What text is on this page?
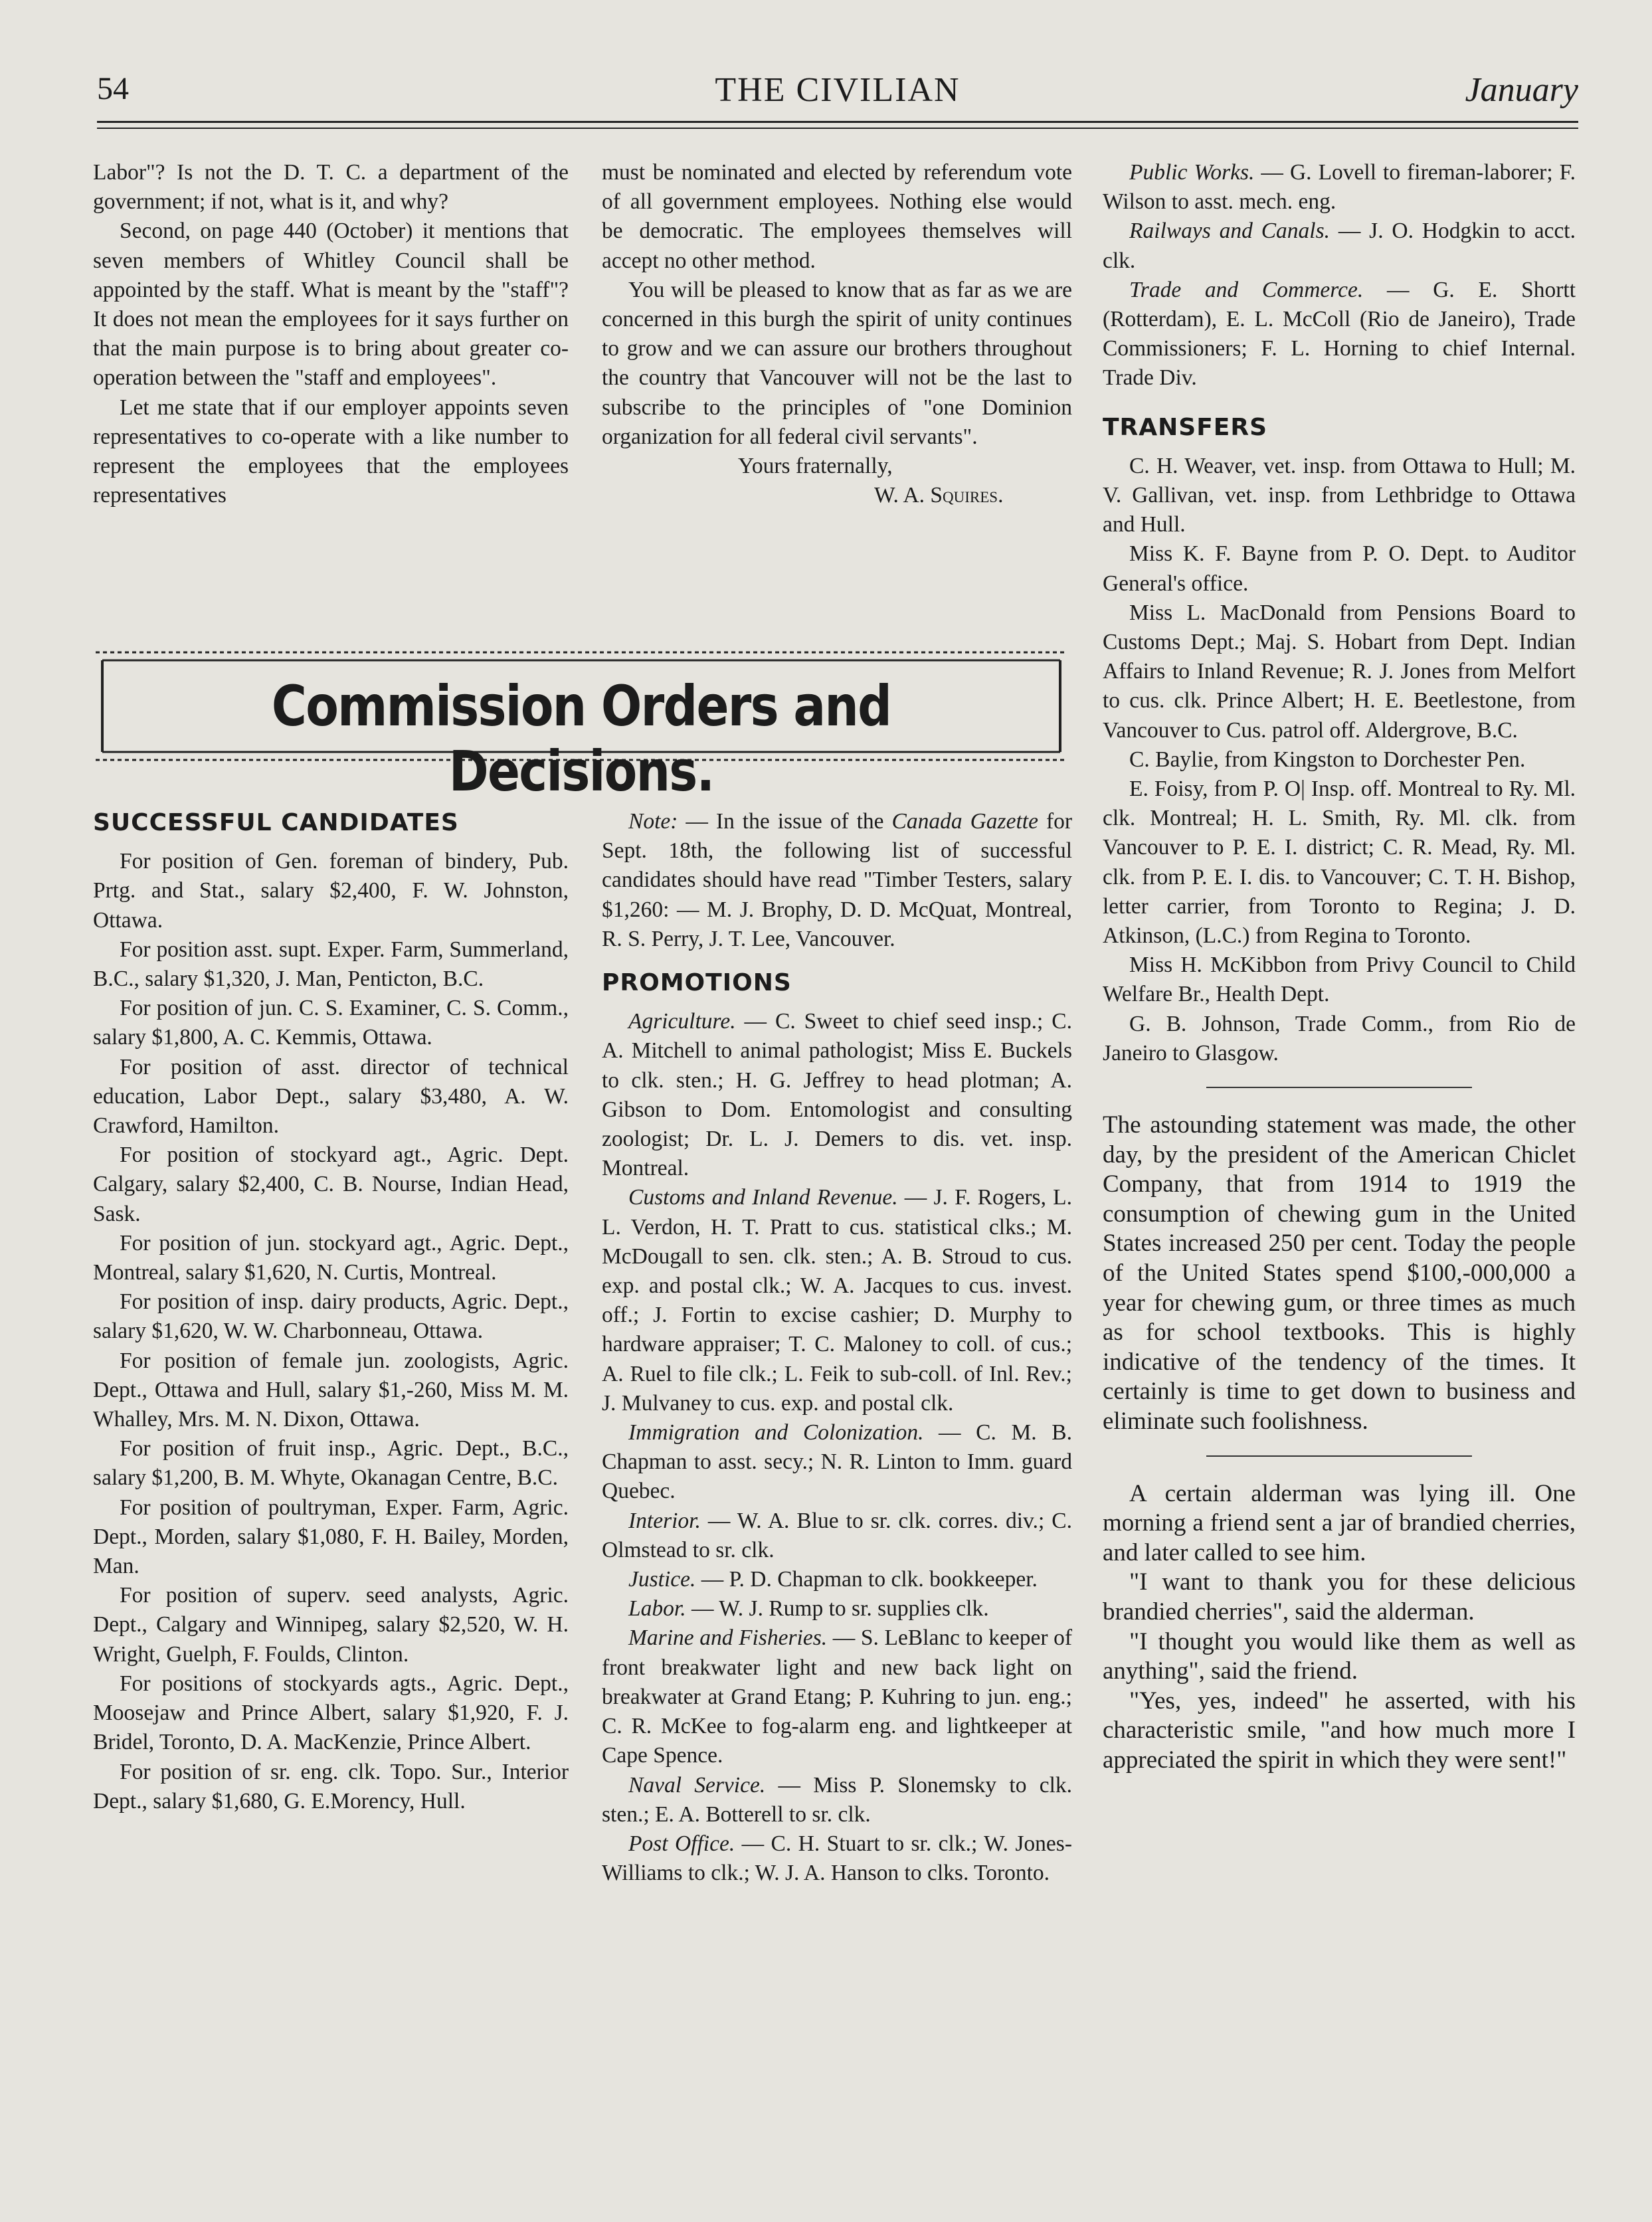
54	THE CIVILIAN	January

Labor"? Is not the D. T. C. a department of the government; if not, what is it, and why?

Second, on page 440 (October) it mentions that seven members of Whitley Council shall be appointed by the staff. What is meant by the "staff"? It does not mean the employees for it says further on that the main purpose is to bring about greater co-operation between the "staff and employees".

Let me state that if our employer appoints seven representatives to co-operate with a like number to represent the employees that the employees representatives

must be nominated and elected by referendum vote of all government employees. Nothing else would be democratic. The employees themselves will accept no other method.

You will be pleased to know that as far as we are concerned in this burgh the spirit of unity continues to grow and we can assure our brothers throughout the country that Vancouver will not be the last to subscribe to the principles of "one Dominion organization for all federal civil servants".

Yours fraternally,

W. A. Squires.

Commission Orders and Decisions.

SUCCESSFUL CANDIDATES

For position of Gen. foreman of bindery, Pub. Prtg. and Stat., salary $2,400, F. W. Johnston, Ottawa.

For position asst. supt. Exper. Farm, Summerland, B.C., salary $1,320, J. Man, Penticton, B.C.

For position of jun. C. S. Examiner, C. S. Comm., salary $1,800, A. C. Kemmis, Ottawa.

For position of asst. director of technical education, Labor Dept., salary $3,480, A. W. Crawford, Hamilton.

For position of stockyard agt., Agric. Dept. Calgary, salary $2,400, C. B. Nourse, Indian Head, Sask.

For position of jun. stockyard agt., Agric. Dept., Montreal, salary $1,620, N. Curtis, Montreal.

For position of insp. dairy products, Agric. Dept., salary $1,620, W. W. Charbonneau, Ottawa.

For position of female jun. zoologists, Agric. Dept., Ottawa and Hull, salary $1,-260, Miss M. M. Whalley, Mrs. M. N. Dixon, Ottawa.

For position of fruit insp., Agric. Dept., B.C., salary $1,200, B. M. Whyte, Okanagan Centre, B.C.

For position of poultryman, Exper. Farm, Agric. Dept., Morden, salary $1,080, F. H. Bailey, Morden, Man.

For position of superv. seed analysts, Agric. Dept., Calgary and Winnipeg, salary $2,520, W. H. Wright, Guelph, F. Foulds, Clinton.

For positions of stockyards agts., Agric. Dept., Moosejaw and Prince Albert, salary $1,920, F. J. Bridel, Toronto, D. A. MacKenzie, Prince Albert.

For position of sr. eng. clk. Topo. Sur., Interior Dept., salary $1,680, G. E.Morency, Hull.

Note: — In the issue of the Canada Gazette for Sept. 18th, the following list of successful candidates should have read "Timber Testers, salary $1,260: — M. J. Brophy, D. D. McQuat, Montreal, R. S. Perry, J. T. Lee, Vancouver.

PROMOTIONS

Agriculture. — C. Sweet to chief seed insp.; C. A. Mitchell to animal pathologist; Miss E. Buckels to clk. sten.; H. G. Jeffrey to head plotman; A. Gibson to Dom. Entomologist and consulting zoologist; Dr. L. J. Demers to dis. vet. insp. Montreal.

Customs and Inland Revenue. — J. F. Rogers, L. L. Verdon, H. T. Pratt to cus. statistical clks.; M. McDougall to sen. clk. sten.; A. B. Stroud to cus. exp. and postal clk.; W. A. Jacques to cus. invest. off.; J. Fortin to excise cashier; D. Murphy to hardware appraiser; T. C. Maloney to coll. of cus.; A. Ruel to file clk.; L. Feik to sub-coll. of Inl. Rev.; J. Mulvaney to cus. exp. and postal clk.

Immigration and Colonization. — C. M. B. Chapman to asst. secy.; N. R. Linton to Imm. guard Quebec.

Interior. — W. A. Blue to sr. clk. corres. div.; C. Olmstead to sr. clk.

Justice. — P. D. Chapman to clk. bookkeeper.

Labor. — W. J. Rump to sr. supplies clk.

Marine and Fisheries. — S. LeBlanc to keeper of front breakwater light and new back light on breakwater at Grand Etang; P. Kuhring to jun. eng.; C. R. McKee to fog-alarm eng. and lightkeeper at Cape Spence.

Naval Service. — Miss P. Slonemsky to clk. sten.; E. A. Botterell to sr. clk.

Post Office. — C. H. Stuart to sr. clk.; W. Jones-Williams to clk.; W. J. A. Hanson to clks. Toronto.

Public Works. — G. Lovell to fireman-laborer; F. Wilson to asst. mech. eng.

Railways and Canals. — J. O. Hodgkin to acct. clk.

Trade and Commerce. — G. E. Shortt (Rotterdam), E. L. McColl (Rio de Janeiro), Trade Commissioners; F. L. Horning to chief Internal. Trade Div.

TRANSFERS

C. H. Weaver, vet. insp. from Ottawa to Hull; M. V. Gallivan, vet. insp. from Lethbridge to Ottawa and Hull.

Miss K. F. Bayne from P. O. Dept. to Auditor General's office.

Miss L. MacDonald from Pensions Board to Customs Dept.; Maj. S. Hobart from Dept. Indian Affairs to Inland Revenue; R. J. Jones from Melfort to cus. clk. Prince Albert; H. E. Beetlestone, from Vancouver to Cus. patrol off. Aldergrove, B.C.

C. Baylie, from Kingston to Dorchester Pen.

E. Foisy, from P. O| Insp. off. Montreal to Ry. Ml. clk. Montreal; H. L. Smith, Ry. Ml. clk. from Vancouver to P. E. I. district; C. R. Mead, Ry. Ml. clk. from P. E. I. dis. to Vancouver; C. T. H. Bishop, letter carrier, from Toronto to Regina; J. D. Atkinson, (L.C.) from Regina to Toronto.

Miss H. McKibbon from Privy Council to Child Welfare Br., Health Dept.

G. B. Johnson, Trade Comm., from Rio de Janeiro to Glasgow.

The astounding statement was made, the other day, by the president of the American Chiclet Company, that from 1914 to 1919 the consumption of chewing gum in the United States increased 250 per cent. Today the people of the United States spend $100,-000,000 a year for chewing gum, or three times as much as for school textbooks. This is highly indicative of the tendency of the times. It certainly is time to get down to business and eliminate such foolishness.

A certain alderman was lying ill. One morning a friend sent a jar of brandied cherries, and later called to see him.

"I want to thank you for these delicious brandied cherries", said the alderman.

"I thought you would like them as well as anything", said the friend.

"Yes, yes, indeed" he asserted, with his characteristic smile, "and how much more I appreciated the spirit in which they were sent!"
